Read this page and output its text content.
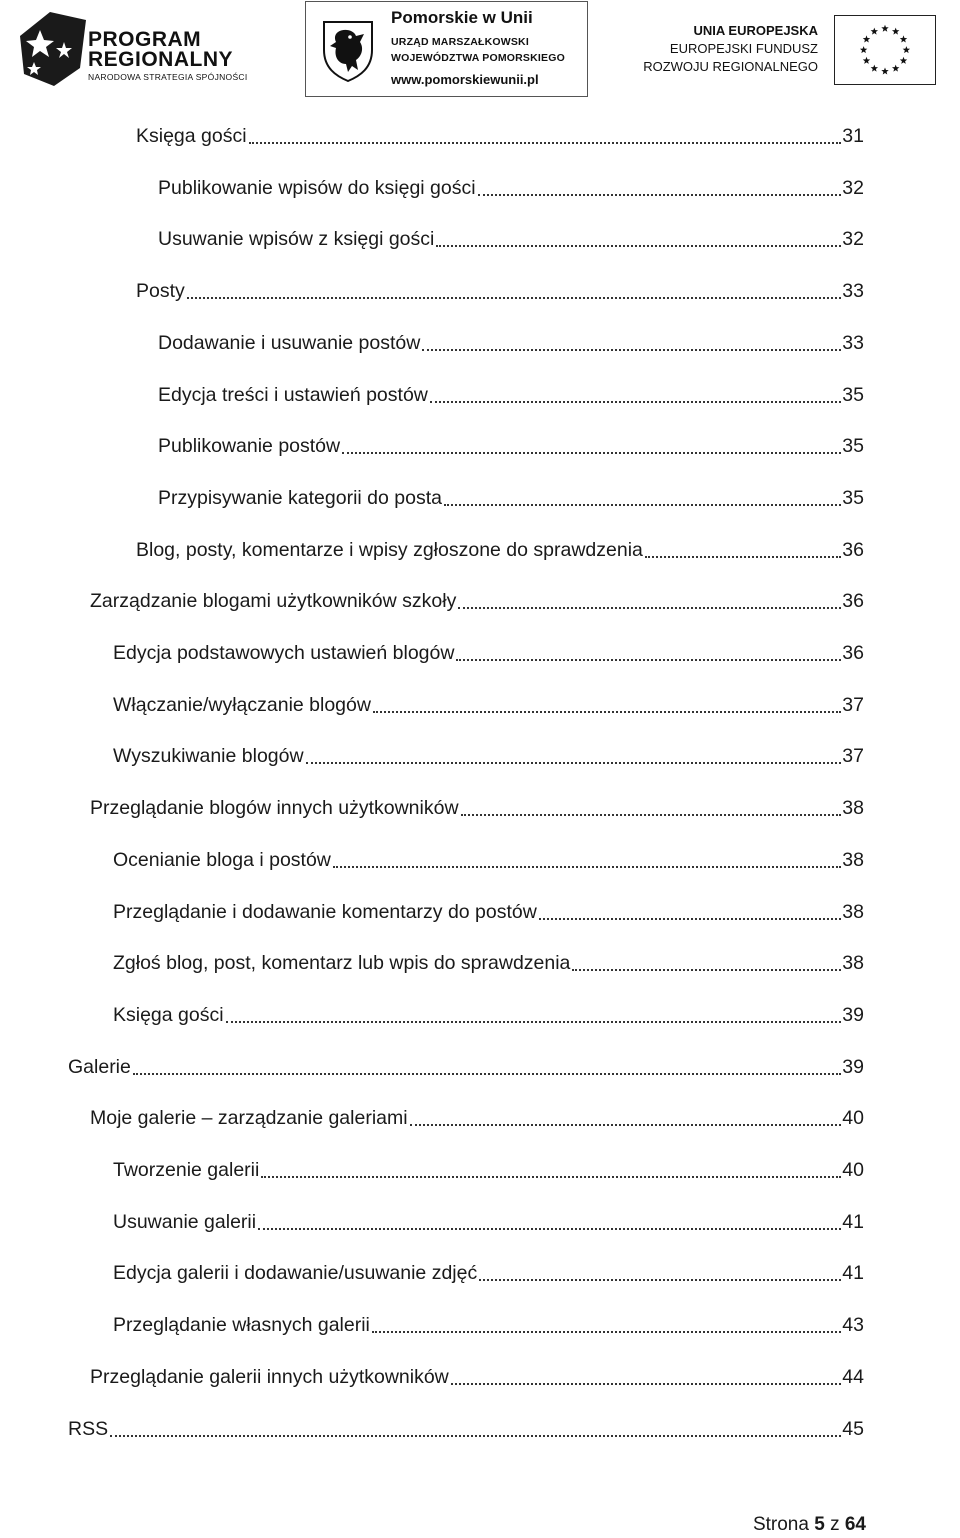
PROGRAM
REGIONALNY
NARODOWA STRATEGIA SPÓJNOŚCI
Pomorskie w Unii
URZĄD MARSZAŁKOWSKI
WOJEWÓDZTWA POMORSKIEGO
www.pomorskiewunii.pl
UNIA EUROPEJSKA
EUROPEJSKI FUNDUSZ
ROZWOJU REGIONALNEGO
Księga gości	31
Publikowanie wpisów do księgi gości	32
Usuwanie wpisów z księgi gości	32
Posty	33
Dodawanie i usuwanie postów	33
Edycja treści i ustawień postów	35
Publikowanie postów	35
Przypisywanie kategorii do posta	35
Blog, posty, komentarze i wpisy zgłoszone do sprawdzenia	36
Zarządzanie blogami użytkowników szkoły	36
Edycja podstawowych ustawień blogów	36
Włączanie/wyłączanie blogów	37
Wyszukiwanie blogów	37
Przeglądanie blogów innych użytkowników	38
Ocenianie bloga i postów	38
Przeglądanie i dodawanie komentarzy do postów	38
Zgłoś blog, post, komentarz lub wpis do sprawdzenia	38
Księga gości	39
Galerie	39
Moje galerie – zarządzanie galeriami	40
Tworzenie galerii	40
Usuwanie galerii	41
Edycja galerii i dodawanie/usuwanie zdjęć	41
Przeglądanie własnych galerii	43
Przeglądanie galerii innych użytkowników	44
RSS	45
Strona 5 z 64
